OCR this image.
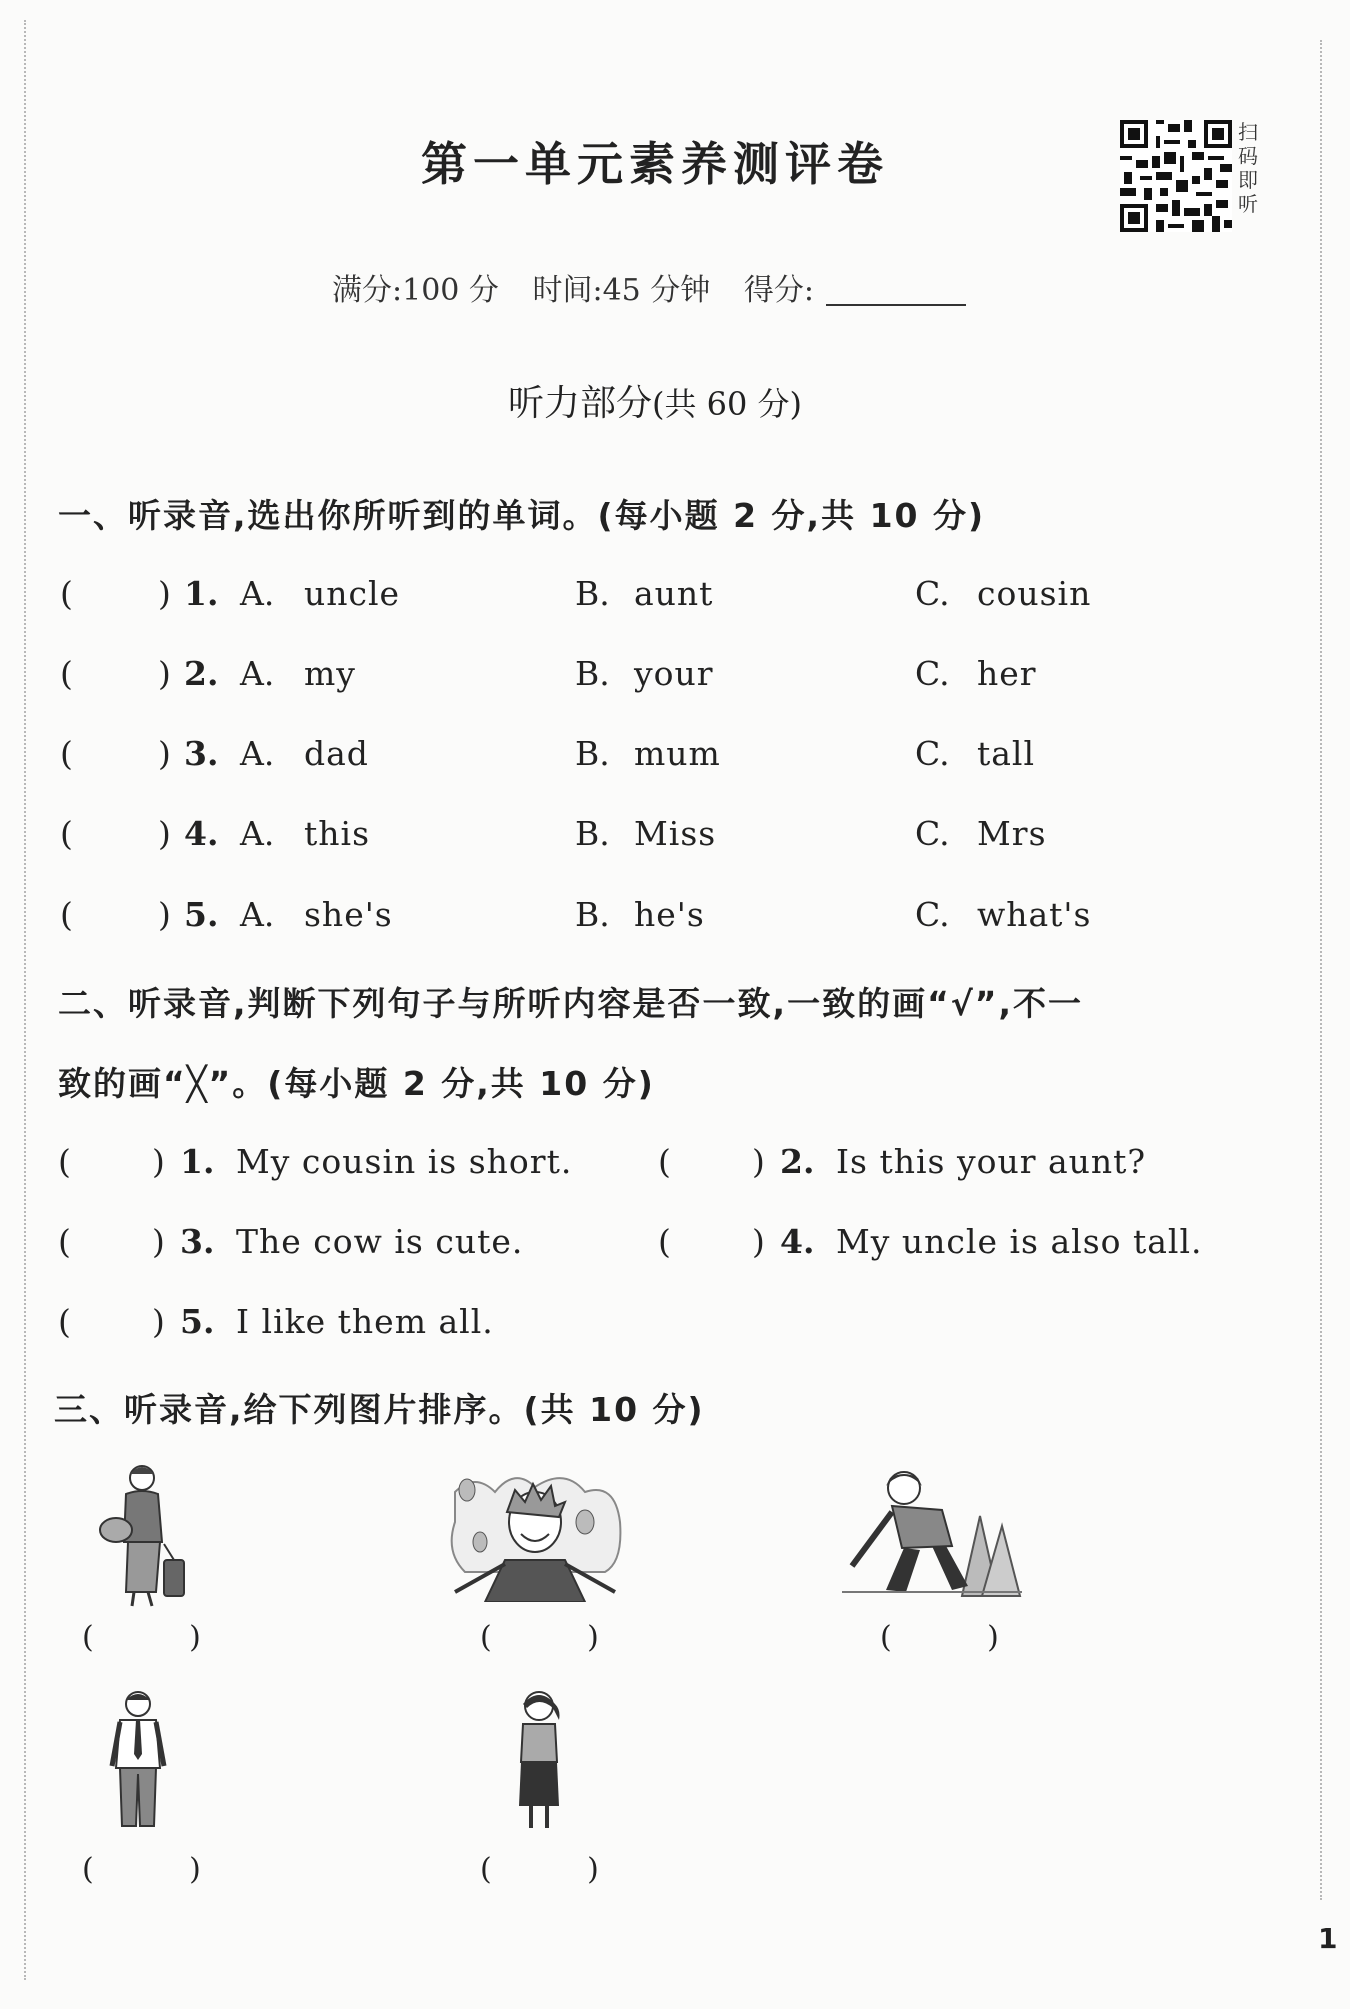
第一单元素养测评卷
扫
码
即
听
满分:100 分 时间:45 分钟 得分:
听力部分(共 60 分)
一、听录音,选出你所听到的单词。(每小题 2 分,共 10 分)
(	) 1. A. uncle	B. aunt	C. cousin
(	) 2. A. my	B. your	C. her
(	) 3. A. dad	B. mum	C. tall
(	) 4. A. this	B. Miss	C. Mrs
(	) 5. A. she's	B. he's	C. what's
二、听录音,判断下列句子与所听内容是否一致,一致的画“√”,不一
致的画“╳”。(每小题 2 分,共 10 分)
( ) 1. My cousin is short.	( ) 2. Is this your aunt?
( ) 3. The cow is cute.	( ) 4. My uncle is also tall.
( ) 5. I like them all.
三、听录音,给下列图片排序。(共 10 分)
(          )	(          )	(          )
(          )	(          )
1
